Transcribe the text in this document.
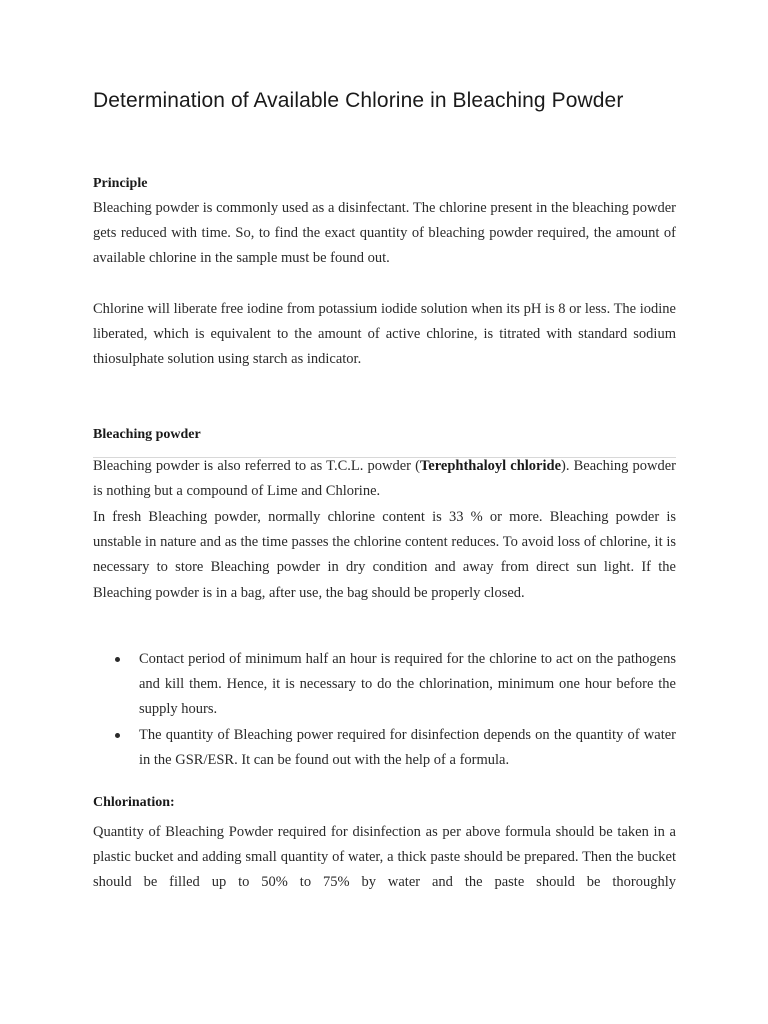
Determination of Available Chlorine in Bleaching Powder
Principle

Bleaching powder is commonly used as a disinfectant. The chlorine present in the bleaching powder gets reduced with time. So, to find the exact quantity of bleaching powder required, the amount of available chlorine in the sample must be found out.

Chlorine will liberate free iodine from potassium iodide solution when its pH is 8 or less. The iodine liberated, which is equivalent to the amount of active chlorine, is titrated with standard sodium thiosulphate solution using starch as indicator.

Bleaching powder

Bleaching powder is also referred to as T.C.L. powder (Terephthaloyl chloride). Beaching powder is nothing but a compound of Lime and Chlorine.

In fresh Bleaching powder, normally chlorine content is 33 % or more. Bleaching powder is unstable in nature and as the time passes the chlorine content reduces. To avoid loss of chlorine, it is necessary to store Bleaching powder in dry condition and away from direct sun light. If the Bleaching powder is in a bag, after use, the bag should be properly closed.

Contact period of minimum half an hour is required for the chlorine to act on the pathogens and kill them. Hence, it is necessary to do the chlorination, minimum one hour before the supply hours.
The quantity of Bleaching power required for disinfection depends on the quantity of water in the GSR/ESR. It can be found out with the help of a formula.
Chlorination:

Quantity of Bleaching Powder required for disinfection as per above formula should be taken in a plastic bucket and adding small quantity of water, a thick paste should be prepared. Then the bucket should be filled up to 50% to 75% by water and the paste should be thoroughly
